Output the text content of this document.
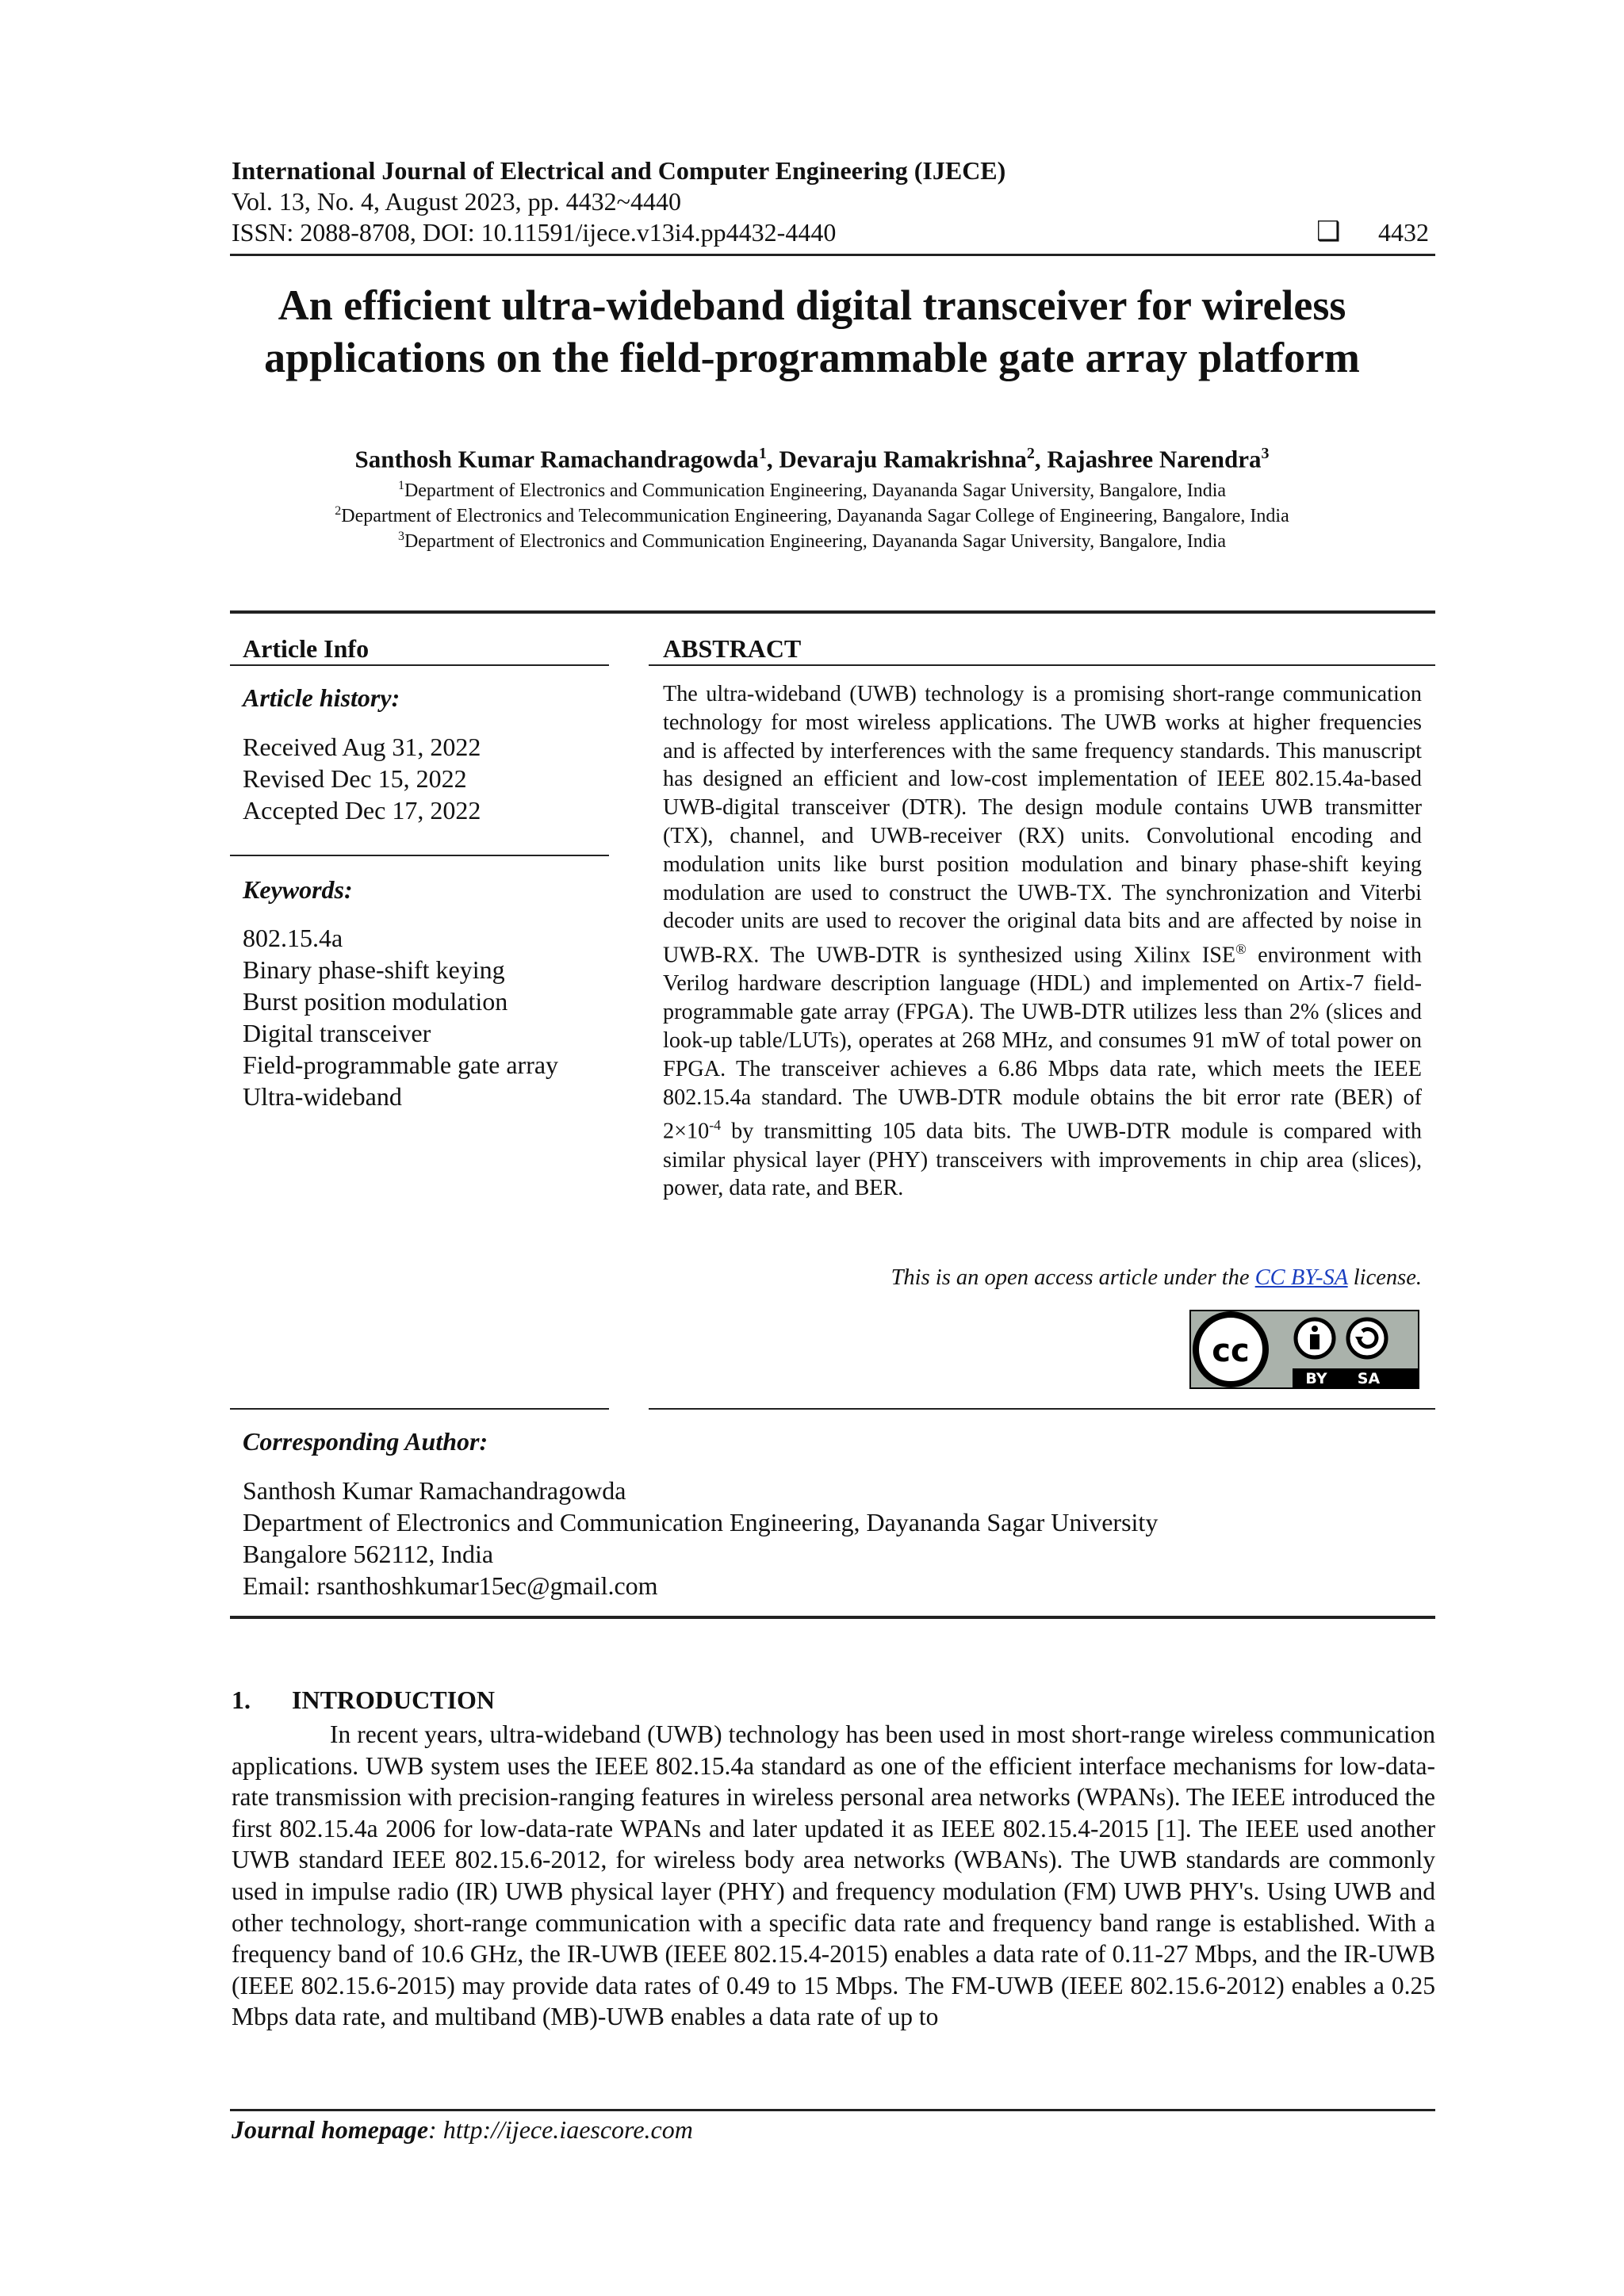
International Journal of Electrical and Computer Engineering (IJECE)
Vol. 13, No. 4, August 2023, pp. 4432~4440
ISSN: 2088-8708, DOI: 10.11591/ijece.v13i4.pp4432-4440	❑ 4432
An efficient ultra-wideband digital transceiver for wireless
applications on the field-programmable gate array platform
Santhosh Kumar Ramachandragowda$^1$, Devaraju Ramakrishna$^2$, Rajashree Narendra$^3$
$^1$Department of Electronics and Communication Engineering, Dayananda Sagar University, Bangalore, India
$^2$Department of Electronics and Telecommunication Engineering, Dayananda Sagar College of Engineering, Bangalore, India
$^3$Department of Electronics and Communication Engineering, Dayananda Sagar University, Bangalore, India
Article Info
Article history:
Received Aug 31, 2022
Revised Dec 15, 2022
Accepted Dec 17, 2022
Keywords:
802.15.4a
Binary phase-shift keying
Burst position modulation
Digital transceiver
Field-programmable gate array
Ultra-wideband
ABSTRACT
The ultra-wideband (UWB) technology is a promising short-range communication technology for most wireless applications. The UWB works at higher frequencies and is affected by interferences with the same frequency standards. This manuscript has designed an efficient and low-cost implementation of IEEE 802.15.4a-based UWB-digital transceiver (DTR). The design module contains UWB transmitter (TX), channel, and UWB-receiver (RX) units. Convolutional encoding and modulation units like burst position modulation and binary phase-shift keying modulation are used to construct the UWB-TX. The synchronization and Viterbi decoder units are used to recover the original data bits and are affected by noise in UWB-RX. The UWB-DTR is synthesized using Xilinx ISE® environment with Verilog hardware description language (HDL) and implemented on Artix-7 field-programmable gate array (FPGA). The UWB-DTR utilizes less than 2% (slices and look-up table/LUTs), operates at 268 MHz, and consumes 91 mW of total power on FPGA. The transceiver achieves a 6.86 Mbps data rate, which meets the IEEE 802.15.4a standard. The UWB-DTR module obtains the bit error rate (BER) of $2\times 10^{-4}$ by transmitting 105 data bits. The UWB-DTR module is compared with similar physical layer (PHY) transceivers with improvements in chip area (slices), power, data rate, and BER.
This is an open access article under the CC BY-SA license.
cc
BY SA
Corresponding Author:
Santhosh Kumar Ramachandragowda
Department of Electronics and Communication Engineering, Dayananda Sagar University
Bangalore 562112, India
Email: rsanthoshkumar15ec@gmail.com
1. INTRODUCTION
In recent years, ultra-wideband (UWB) technology has been used in most short-range wireless communication applications. UWB system uses the IEEE 802.15.4a standard as one of the efficient interface mechanisms for low-data-rate transmission with precision-ranging features in wireless personal area networks (WPANs). The IEEE introduced the first 802.15.4a 2006 for low-data-rate WPANs and later updated it as IEEE 802.15.4-2015 [1]. The IEEE used another UWB standard IEEE 802.15.6-2012, for wireless body area networks (WBANs). The UWB standards are commonly used in impulse radio (IR) UWB physical layer (PHY) and frequency modulation (FM) UWB PHY's. Using UWB and other technology, short-range communication with a specific data rate and frequency band range is established. With a frequency band of 10.6 GHz, the IR-UWB (IEEE 802.15.4-2015) enables a data rate of 0.11-27 Mbps, and the IR-UWB (IEEE 802.15.6-2015) may provide data rates of 0.49 to 15 Mbps. The FM-UWB (IEEE 802.15.6-2012) enables a 0.25 Mbps data rate, and multiband (MB)-UWB enables a data rate of up to
Journal homepage: http://ijece.iaescore.com
